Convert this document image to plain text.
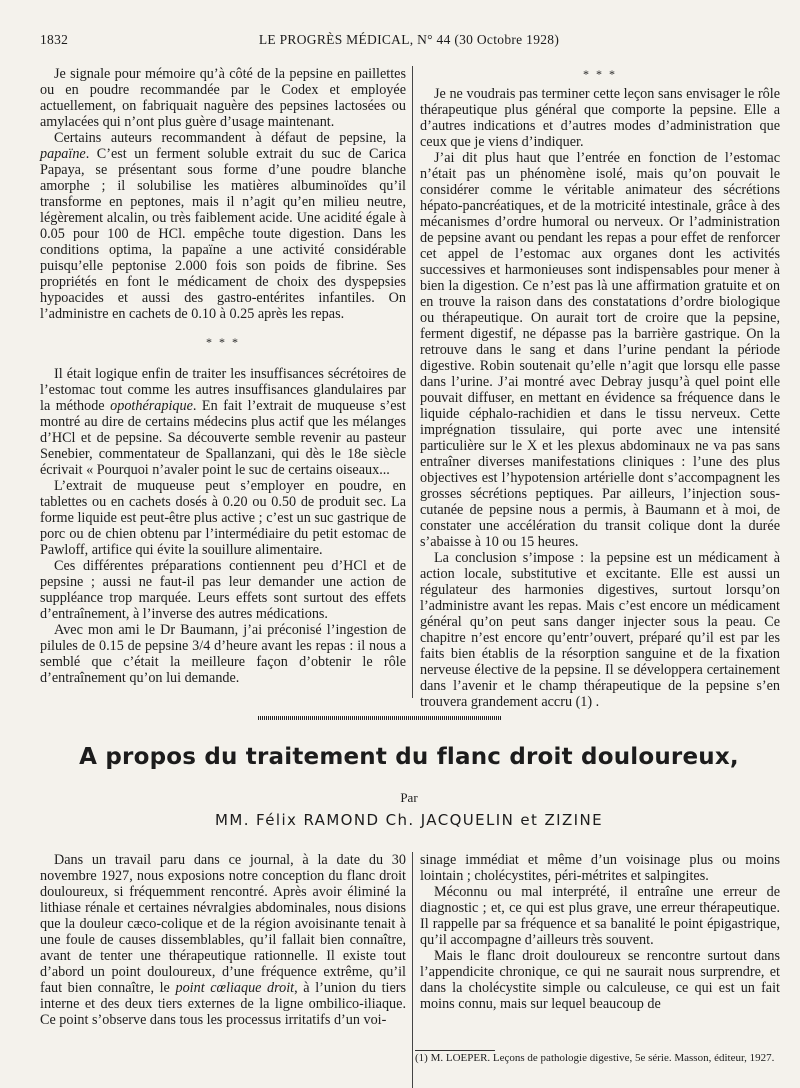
1832	LE PROGRÈS MÉDICAL, N° 44 (30 Octobre 1928)

Je signale pour mémoire qu’à côté de la pepsine en paillettes ou en poudre recommandée par le Codex et employée actuellement, on fabriquait naguère des pepsines lactosées ou amylacées qui n’ont plus guère d’usage maintenant.

Certains auteurs recommandent à défaut de pepsine, la papaïne. C’est un ferment soluble extrait du suc de Carica Papaya, se présentant sous forme d’une poudre blanche amorphe ; il solubilise les matières albuminoïdes qu’il transforme en peptones, mais il n’agit qu’en milieu neutre, légèrement alcalin, ou très faiblement acide. Une acidité égale à 0.05 pour 100 de HCl. empêche toute digestion. Dans les conditions optima, la papaïne a une activité considérable puisqu’elle peptonise 2.000 fois son poids de fibrine. Ses propriétés en font le médicament de choix des dyspepsies hypoacides et aussi des gastro-entérites infantiles. On l’administre en cachets de 0.10 à 0.25 après les repas.

* * *

Il était logique enfin de traiter les insuffisances sécrétoires de l’estomac tout comme les autres insuffisances glandulaires par la méthode opothérapique. En fait l’extrait de muqueuse s’est montré au dire de certains médecins plus actif que les mélanges d’HCl et de pepsine. Sa découverte semble revenir au pasteur Senebier, commentateur de Spallanzani, qui dès le 18e siècle écrivait « Pourquoi n’avaler point le suc de certains oiseaux...

L’extrait de muqueuse peut s’employer en poudre, en tablettes ou en cachets dosés à 0.20 ou 0.50 de produit sec. La forme liquide est peut-être plus active ; c’est un suc gastrique de porc ou de chien obtenu par l’intermédiaire du petit estomac de Pawloff, artifice qui évite la souillure alimentaire.

Ces différentes préparations contiennent peu d’HCl et de pepsine ; aussi ne faut-il pas leur demander une action de suppléance trop marquée. Leurs effets sont surtout des effets d’entraînement, à l’inverse des autres médications.

Avec mon ami le Dr Baumann, j’ai préconisé l’ingestion de pilules de 0.15 de pepsine 3/4 d’heure avant les repas : il nous a semblé que c’était la meilleure façon d’obtenir le rôle d’entraînement qu’on lui demande.

* * *

Je ne voudrais pas terminer cette leçon sans envisager le rôle thérapeutique plus général que comporte la pepsine. Elle a d’autres indications et d’autres modes d’administration que ceux que je viens d’indiquer.

J’ai dit plus haut que l’entrée en fonction de l’estomac n’était pas un phénomène isolé, mais qu’on pouvait le considérer comme le véritable animateur des sécrétions hépato-pancréatiques, et de la motricité intestinale, grâce à des mécanismes d’ordre humoral ou nerveux. Or l’administration de pepsine avant ou pendant les repas a pour effet de renforcer cet appel de l’estomac aux organes dont les activités successives et harmonieuses sont indispensables pour mener à bien la digestion. Ce n’est pas là une affirmation gratuite et on en trouve la raison dans des constatations d’ordre biologique ou thérapeutique. On aurait tort de croire que la pepsine, ferment digestif, ne dépasse pas la barrière gastrique. On la retrouve dans le sang et dans l’urine pendant la période digestive. Robin soutenait qu’elle n’agit que lorsqu elle passe dans l’urine. J’ai montré avec Debray jusqu’à quel point elle pouvait diffuser, en mettant en évidence sa fréquence dans le liquide céphalo-rachidien et dans le tissu nerveux. Cette imprégnation tissulaire, qui porte avec une intensité particulière sur le X et les plexus abdominaux ne va pas sans entraîner diverses manifestations cliniques : l’une des plus objectives est l’hypotension artérielle dont s’accompagnent les grosses sécrétions peptiques. Par ailleurs, l’injection sous-cutanée de pepsine nous a permis, à Baumann et à moi, de constater une accélération du transit colique dont la durée s’abaisse à 10 ou 15 heures.

La conclusion s’impose : la pepsine est un médicament à action locale, substitutive et excitante. Elle est aussi un régulateur des harmonies digestives, surtout lorsqu’on l’administre avant les repas. Mais c’est encore un médicament général qu’on peut sans danger injecter sous la peau. Ce chapitre n’est encore qu’entr’ouvert, préparé qu’il est par les faits bien établis de la résorption sanguine et de la fixation nerveuse élective de la pepsine. Il se développera certainement dans l’avenir et le champ thérapeutique de la pepsine s’en trouvera grandement accru (1) .

A propos du traitement du flanc droit douloureux,
Par
MM. Félix RAMOND Ch. JACQUELIN et ZIZINE

Dans un travail paru dans ce journal, à la date du 30 novembre 1927, nous exposions notre conception du flanc droit douloureux, si fréquemment rencontré. Après avoir éliminé la lithiase rénale et certaines névralgies abdominales, nous disions que la douleur cæco-colique et de la région avoisinante tenait à une foule de causes dissemblables, qu’il fallait bien connaître, avant de tenter une thérapeutique rationnelle. Il existe tout d’abord un point douloureux, d’une fréquence extrême, qu’il faut bien connaître, le point cœliaque droit, à l’union du tiers interne et des deux tiers externes de la ligne ombilico-iliaque. Ce point s’observe dans tous les processus irritatifs d’un voi-

sinage immédiat et même d’un voisinage plus ou moins lointain ; cholécystites, péri-métrites et salpingites.

Méconnu ou mal interprété, il entraîne une erreur de diagnostic ; et, ce qui est plus grave, une erreur thérapeutique. Il rappelle par sa fréquence et sa banalité le point épigastrique, qu’il accompagne d’ailleurs très souvent.

Mais le flanc droit douloureux se rencontre surtout dans l’appendicite chronique, ce qui ne saurait nous surprendre, et dans la cholécystite simple ou calculeuse, ce qui est un fait moins connu, mais sur lequel beaucoup de

(1) M. LOEPER. Leçons de pathologie digestive, 5e série. Masson, éditeur, 1927.
